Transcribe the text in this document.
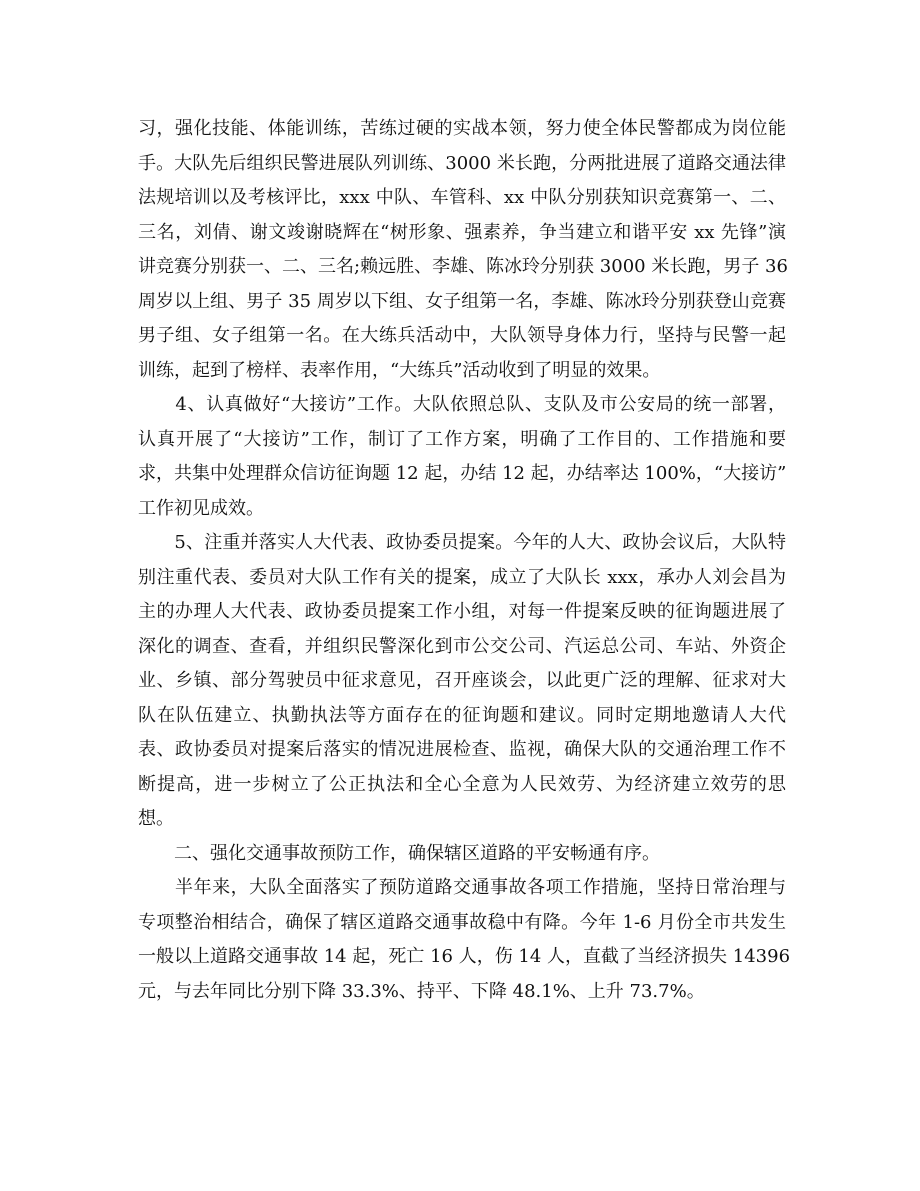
习，强化技能、体能训练，苦练过硬的实战本领，努力使全体民警都成为岗位能
手。大队先后组织民警进展队列训练、3000 米长跑，分两批进展了道路交通法律
法规培训以及考核评比，xxx 中队、车管科、xx 中队分别获知识竞赛第一、二、
三名，刘倩、谢文竣谢晓辉在“树形象、强素养，争当建立和谐平安 xx 先锋”演
讲竞赛分别获一、二、三名;赖远胜、李雄、陈冰玲分别获 3000 米长跑，男子 36
周岁以上组、男子 35 周岁以下组、女子组第一名，李雄、陈冰玲分别获登山竞赛
男子组、女子组第一名。在大练兵活动中，大队领导身体力行，坚持与民警一起
训练，起到了榜样、表率作用，“大练兵”活动收到了明显的效果。
　　4、认真做好“大接访”工作。大队依照总队、支队及市公安局的统一部署，
认真开展了“大接访”工作，制订了工作方案，明确了工作目的、工作措施和要
求，共集中处理群众信访征询题 12 起，办结 12 起，办结率达 100%，“大接访”
工作初见成效。
　　5、注重并落实人大代表、政协委员提案。今年的人大、政协会议后，大队特
别注重代表、委员对大队工作有关的提案，成立了大队长 xxx，承办人刘会昌为
主的办理人大代表、政协委员提案工作小组，对每一件提案反映的征询题进展了
深化的调查、查看，并组织民警深化到市公交公司、汽运总公司、车站、外资企
业、乡镇、部分驾驶员中征求意见，召开座谈会，以此更广泛的理解、征求对大
队在队伍建立、执勤执法等方面存在的征询题和建议。同时定期地邀请人大代
表、政协委员对提案后落实的情况进展检查、监视，确保大队的交通治理工作不
断提高，进一步树立了公正执法和全心全意为人民效劳、为经济建立效劳的思
想。
　　二、强化交通事故预防工作，确保辖区道路的平安畅通有序。
　　半年来，大队全面落实了预防道路交通事故各项工作措施，坚持日常治理与
专项整治相结合，确保了辖区道路交通事故稳中有降。今年 1-6 月份全市共发生
一般以上道路交通事故 14 起，死亡 16 人，伤 14 人，直截了当经济损失 14396
元，与去年同比分别下降 33.3%、持平、下降 48.1%、上升 73.7%。
